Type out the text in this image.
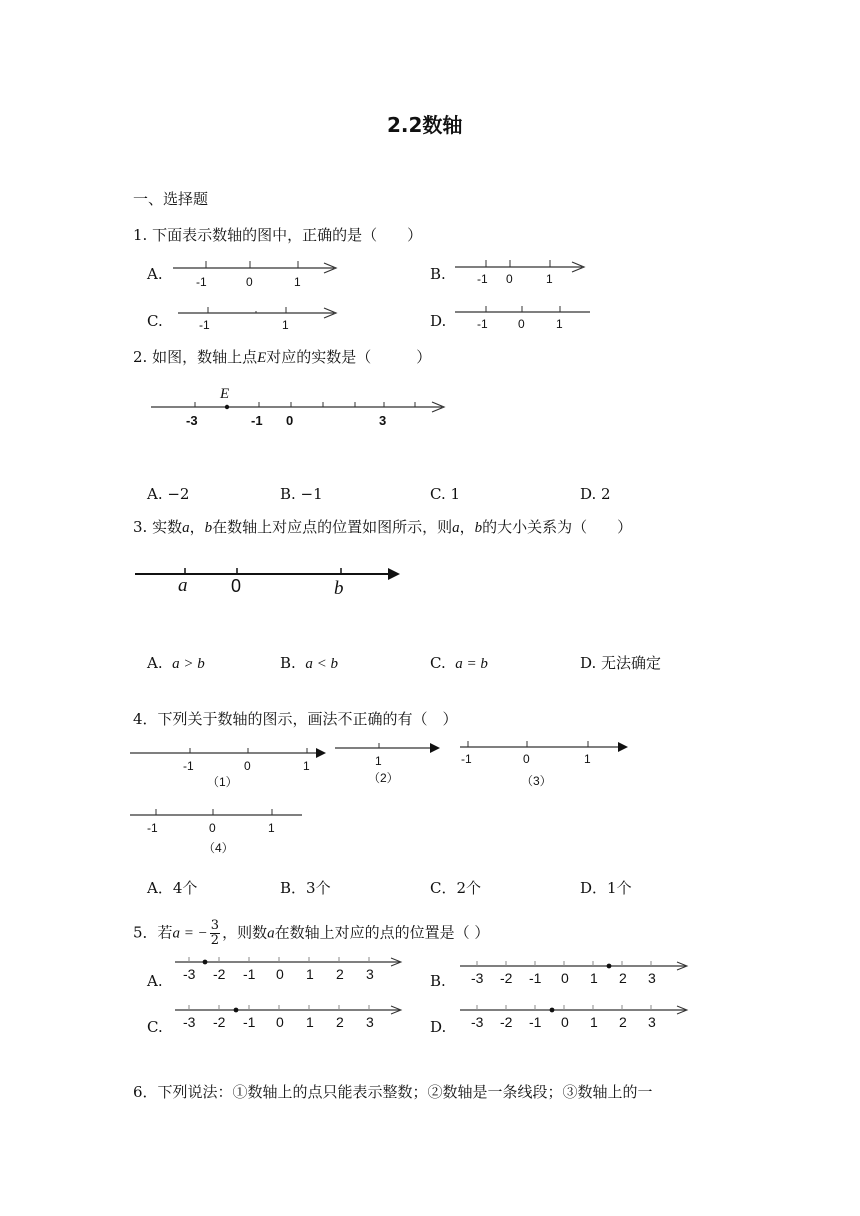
2.2数轴
一、选择题
1. 下面表示数轴的图中，正确的是（　　）
A.	B.
C.	D.
-1	0	1	-1 0	1
-1	1	-1	0	1
E
-3	-1 0	3
a 0	b
-1	0	1	1	-1	0	1
-1	0	1
（1）	（2）	（3）
（4）
-3 -2 -1 0 1 2 3	-3 -2 -1 0 1 2 3
-3 -2 -1 0 1 2 3	-3 -2 -1 0 1 2 3
2. 如图，数轴上点E对应的实数是（　　　）
A. −2	B. −1	C. 1	D. 2
3. 实数a，b在数轴上对应点的位置如图所示，则a，b的大小关系为（　　）
A. a > b	B. a < b	C. a = b	D. 无法确定
4．下列关于数轴的图示，画法不正确的有（　）
A．4个	B．3个	C．2个	D．1个
5．若a = − $\frac{3}{2}$ ，则数a在数轴上对应的点的位置是（ ）
A.	B.
C.	D.
6．下列说法：①数轴上的点只能表示整数；②数轴是一条线段；③数轴上的一
